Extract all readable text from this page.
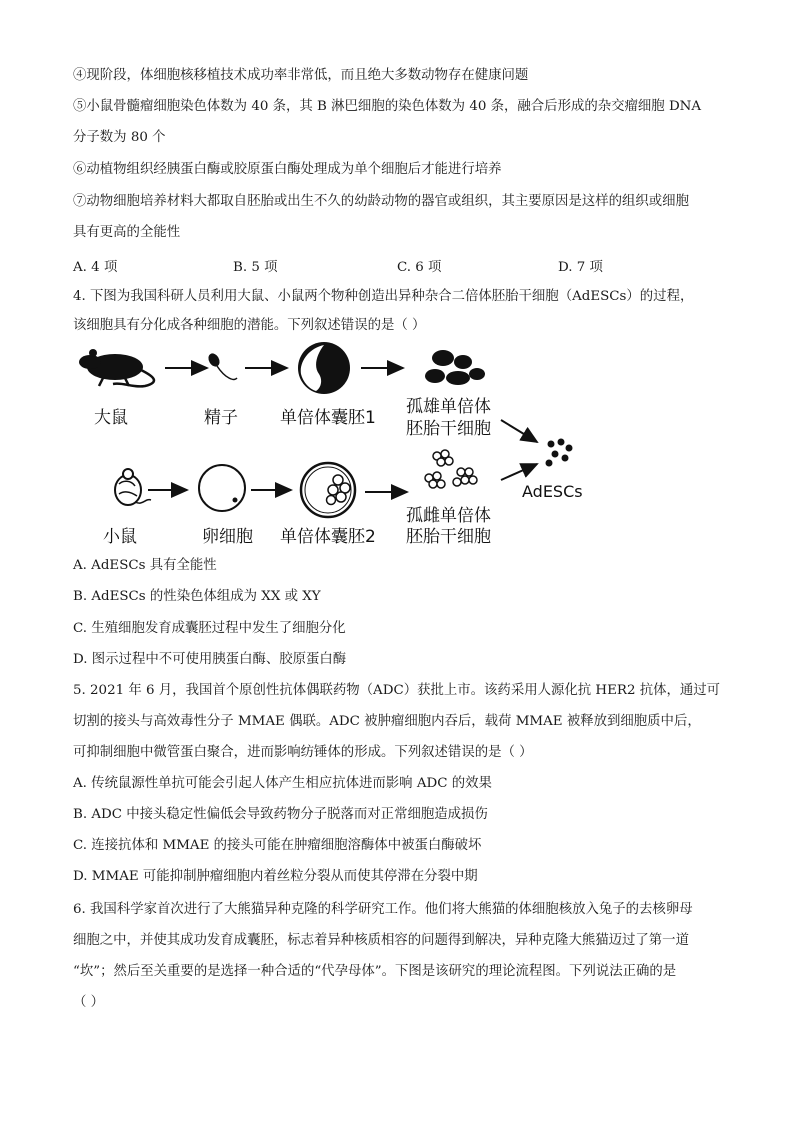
④现阶段，体细胞核移植技术成功率非常低，而且绝大多数动物存在健康问题
⑤小鼠骨髓瘤细胞染色体数为 40 条，其 B 淋巴细胞的染色体数为 40 条，融合后形成的杂交瘤细胞 DNA
分子数为 80 个
⑥动植物组织经胰蛋白酶或胶原蛋白酶处理成为单个细胞后才能进行培养
⑦动物细胞培养材料大都取自胚胎或出生不久的幼龄动物的器官或组织，其主要原因是这样的组织或细胞
具有更高的全能性
A. 4 项	B. 5 项	C. 6 项	D. 7 项
4. 下图为我国科研人员利用大鼠、小鼠两个物种创造出异种杂合二倍体胚胎干细胞（AdESCs）的过程，
该细胞具有分化成各种细胞的潜能。下列叙述错误的是（ ）
大鼠	精子 单倍体囊胚1
孤雄单倍体
胚胎干细胞
AdESCs
孤雌单倍体
小鼠	卵细胞 单倍体囊胚2 胚胎干细胞
A. AdESCs 具有全能性
B. AdESCs 的性染色体组成为 XX 或 XY
C. 生殖细胞发育成囊胚过程中发生了细胞分化
D. 图示过程中不可使用胰蛋白酶、胶原蛋白酶
5. 2021 年 6 月，我国首个原创性抗体偶联药物（ADC）获批上市。该药采用人源化抗 HER2 抗体，通过可
切割的接头与高效毒性分子 MMAE 偶联。ADC 被肿瘤细胞内吞后，载荷 MMAE 被释放到细胞质中后，
可抑制细胞中微管蛋白聚合，进而影响纺锤体的形成。下列叙述错误的是（ ）
A. 传统鼠源性单抗可能会引起人体产生相应抗体进而影响 ADC 的效果
B. ADC 中接头稳定性偏低会导致药物分子脱落而对正常细胞造成损伤
C. 连接抗体和 MMAE 的接头可能在肿瘤细胞溶酶体中被蛋白酶破坏
D. MMAE 可能抑制肿瘤细胞内着丝粒分裂从而使其停滞在分裂中期
6. 我国科学家首次进行了大熊猫异种克隆的科学研究工作。他们将大熊猫的体细胞核放入兔子的去核卵母
细胞之中，并使其成功发育成囊胚，标志着异种核质相容的问题得到解决，异种克隆大熊猫迈过了第一道
“坎”；然后至关重要的是选择一种合适的“代孕母体”。下图是该研究的理论流程图。下列说法正确的是
（ ）
